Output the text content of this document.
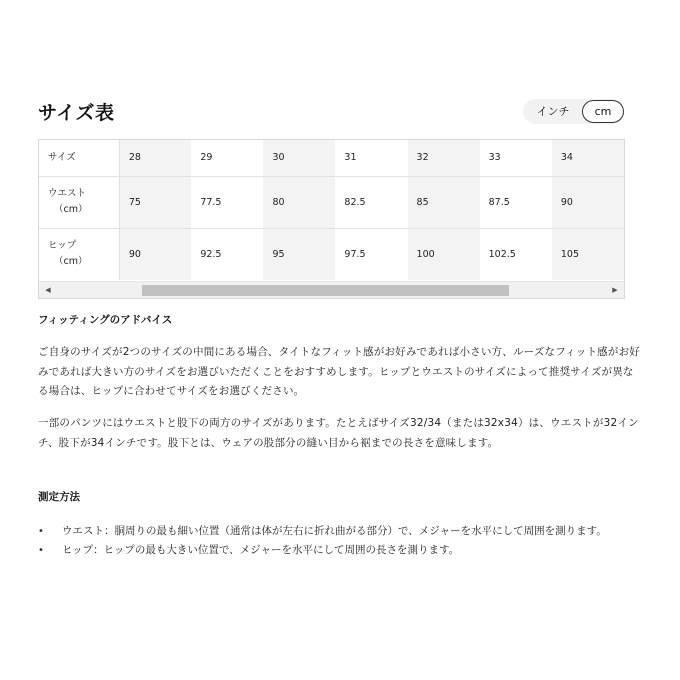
サイズ表	インチ	cm
サイズ	28	29	30	31	32	33	34
ウエスト
（cm）	75	77.5	80	82.5	85	87.5	90
ヒップ
（cm）	90	92.5	95	97.5	100	102.5	105
◀	▶
フィッティングのアドバイス

ご自身のサイズが2つのサイズの中間にある場合、タイトなフィット感がお好みであれば小さい方、ルーズなフィット感がお好みであれば大きい方のサイズをお選びいただくことをおすすめします。ヒップとウエストのサイズによって推奨サイズが異なる場合は、ヒップに合わせてサイズをお選びください。

一部のパンツにはウエストと股下の両方のサイズがあります。たとえばサイズ32/34（または32x34）は、ウエストが32インチ、股下が34インチです。股下とは、ウェアの股部分の縫い目から裾までの長さを意味します。

測定方法
• ウエスト：胴周りの最も細い位置（通常は体が左右に折れ曲がる部分）で、メジャーを水平にして周囲を測ります。
• ヒップ：ヒップの最も大きい位置で、メジャーを水平にして周囲の長さを測ります。
